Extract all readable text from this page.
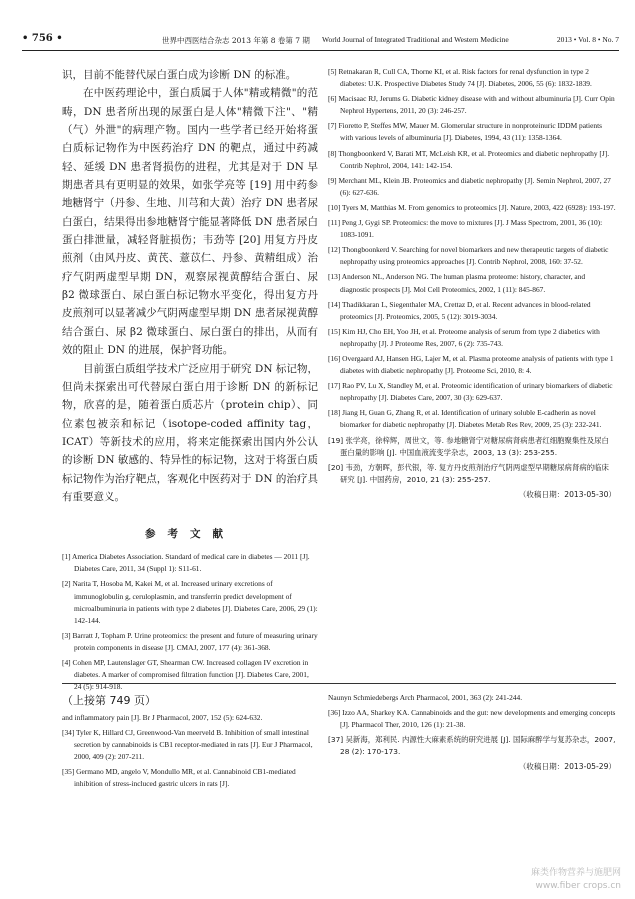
• 756 •	世界中西医结合杂志 2013 年第 8 卷第 7 期 World Journal of Integrated Traditional and Western Medicine	2013 • Vol. 8 • No. 7

识，目前不能替代尿白蛋白成为诊断 DN 的标准。

在中医药理论中，蛋白质属于人体"精或精微"的范畴，DN 患者所出现的尿蛋白是人体"精微下注"、"精（气）外泄"的病理产物。国内一些学者已经开始将蛋白质标记物作为中医药治疗 DN 的靶点，通过中药减轻、延缓 DN 患者肾损伤的进程，尤其是对于 DN 早期患者具有更明显的效果，如张学亮等 [19] 用中药参地糖肾宁（丹参、生地、川芎和大黄）治疗 DN 患者尿白蛋白，结果得出参地糖肾宁能显著降低 DN 患者尿白蛋白排泄量，减轻肾脏损伤；韦劲等 [20] 用复方丹皮煎剂（由风丹皮、黄芪、薏苡仁、丹参、黄精组成）治疗气阴两虚型早期 DN，观察尿视黄醇结合蛋白、尿 β2 微球蛋白、尿白蛋白标记物水平变化，得出复方丹皮煎剂可以显著减少气阴两虚型早期 DN 患者尿视黄醇结合蛋白、尿 β2 微球蛋白、尿白蛋白的排出，从而有效的阻止 DN 的进展，保护肾功能。

目前蛋白质组学技术广泛应用于研究 DN 标记物，但尚未探索出可代替尿白蛋白用于诊断 DN 的新标记物，欣喜的是，随着蛋白质芯片（protein chip）、同位素包被亲和标记（isotope-coded affinity tag，ICAT）等新技术的应用，将来定能探索出国内外公认的诊断 DN 敏感的、特异性的标记物，这对于将蛋白质标记物作为治疗靶点，客观化中医药对于 DN 的治疗具有重要意义。

参考文献

[1] America Diabetes Association. Standard of medical care in diabetes — 2011 [J]. Diabetes Care, 2011, 34 (Suppl 1): S11-61.

[2] Narita T, Hosoba M, Kakei M, et al. Increased urinary excretions of immunoglobulin g, ceruloplasmin, and transferrin predict development of microalbuminuria in patients with type 2 diabetes [J]. Diabetes Care, 2006, 29 (1): 142-144.

[3] Barratt J, Topham P. Urine proteomics: the present and future of measuring urinary protein components in disease [J]. CMAJ, 2007, 177 (4): 361-368.

[4] Cohen MP, Lautenslager GT, Shearman CW. Increased collagen IV excretion in diabetes. A marker of compromised filtration function [J]. Diabetes Care, 2001, 24 (5): 914-918.

[5] Retnakaran R, Cull CA, Thorne KI, et al. Risk factors for renal dysfunction in type 2 diabetes: U.K. Prospective Diabetes Study 74 [J]. Diabetes, 2006, 55 (6): 1832-1839.

[6] Macisaac RJ, Jerums G. Diabetic kidney disease with and without albuminuria [J]. Curr Opin Nephrol Hypertens, 2011, 20 (3): 246-257.

[7] Fioretto P, Steffes MW, Mauer M. Glomerular structure in nonproteinuric IDDM patients with various levels of albuminuria [J]. Diabetes, 1994, 43 (11): 1358-1364.

[8] Thongboonkerd V, Barati MT, McLeish KR, et al. Proteomics and diabetic nephropathy [J]. Contrib Nephrol, 2004, 141: 142-154.

[9] Merchant ML, Klein JB. Proteomics and diabetic nephropathy [J]. Semin Nephrol, 2007, 27 (6): 627-636.

[10] Tyers M, Matthias M. From genomics to proteomics [J]. Nature, 2003, 422 (6928): 193-197.

[11] Peng J, Gygi SP. Proteomics: the move to mixtures [J]. J Mass Spectrom, 2001, 36 (10): 1083-1091.

[12] Thongboonkerd V. Searching for novel biomarkers and new therapeutic targets of diabetic nephropathy using proteomics approaches [J]. Contrib Nephrol, 2008, 160: 37-52.

[13] Anderson NL, Anderson NG. The human plasma proteome: history, character, and diagnostic prospects [J]. Mol Cell Proteomics, 2002, 1 (11): 845-867.

[14] Thadikkaran L, Siegenthaler MA, Crettaz D, et al. Recent advances in blood-related proteomics [J]. Proteomics, 2005, 5 (12): 3019-3034.

[15] Kim HJ, Cho EH, Yoo JH, et al. Proteome analysis of serum from type 2 diabetics with nephropathy [J]. J Proteome Res, 2007, 6 (2): 735-743.

[16] Overgaard AJ, Hansen HG, Lajer M, et al. Plasma proteome analysis of patients with type 1 diabetes with diabetic nephropathy [J]. Proteome Sci, 2010, 8: 4.

[17] Rao PV, Lu X, Standley M, et al. Proteomic identification of urinary biomarkers of diabetic nephropathy [J]. Diabetes Care, 2007, 30 (3): 629-637.

[18] Jiang H, Guan G, Zhang R, et al. Identification of urinary soluble E-cadherin as novel biomarker for diabetic nephropathy [J]. Diabetes Metab Res Rev, 2009, 25 (3): 232-241.

[19] 张学亮，徐梓辉，周世文，等. 参地糖肾宁对糖尿病肾病患者红细胞聚集性及尿白蛋白量的影响 [J]. 中国血液流变学杂志，2003, 13 (3): 253-255.

[20] 韦劲，方朝晖，彭代银，等. 复方丹皮煎剂治疗气阴两虚型早期糖尿病肾病的临床研究 [J]. 中国药房，2010, 21 (3): 255-257.

（收稿日期：2013-05-30）
（上接第 749 页）

and inflammatory pain [J]. Br J Pharmacol, 2007, 152 (5): 624-632.

[34] Tyler K, Hillard CJ, Greenwood-Van meerveld B. Inhibition of small intestinal secretion by cannabinoids is CB1 receptor-mediated in rats [J]. Eur J Pharmacol, 2000, 409 (2): 207-211.

[35] Germano MD, angelo V, Mondullo MR, et al. Cannabinoid CB1-mediated inhibition of stress-incluced gastric ulcers in rats [J].

Naunyn Schmiedebergs Arch Pharmacol, 2001, 363 (2): 241-244.

[36] Izzo AA, Sharkey KA. Cannabinoids and the gut: new developments and emerging concepts [J]. Pharmacol Ther, 2010, 126 (1): 21-38.

[37] 吴新海，郑利民. 内源性大麻素系统的研究进展 [J]. 国际麻醉学与复苏杂志，2007, 28 (2): 170-173.

（收稿日期：2013-05-29）
麻类作物营养与施肥网
www.fiber crops.cn
